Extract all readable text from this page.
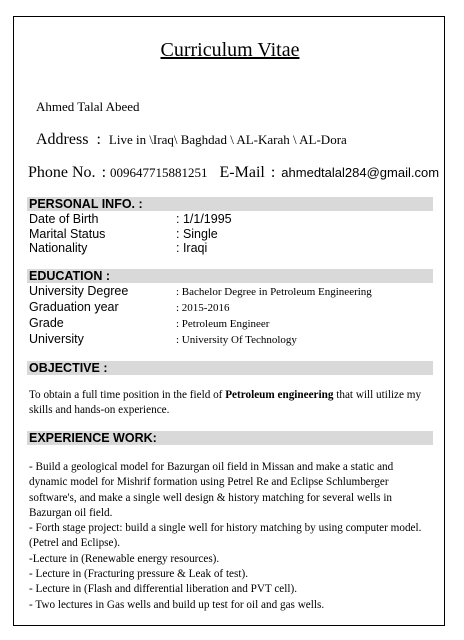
Curriculum Vitae
Ahmed Talal Abeed
Address : Live in \Iraq\ Baghdad \ AL-Karah \ AL-Dora
Phone No. : 009647715881251 E-Mail : ahmedtalal284@gmail.com
PERSONAL INFO. :
Date of Birth	: 1/1/1995
Marital Status	: Single
Nationality	: Iraqi
EDUCATION :
University Degree	: Bachelor Degree in Petroleum Engineering
Graduation year	: 2015-2016
Grade	: Petroleum Engineer
University	: University Of Technology
OBJECTIVE :

To obtain a full time position in the field of Petroleum engineering that will utilize my skills and hands-on experience.

EXPERIENCE WORK:

- Build a geological model for Bazurgan oil field in Missan and make a static and dynamic model for Mishrif formation using Petrel Re and Eclipse Schlumberger software's, and make a single well design & history matching for several wells in Bazurgan oil field.

- Forth stage project: build a single well for history matching by using computer model. (Petrel and Eclipse).

-Lecture in (Renewable energy resources).

- Lecture in (Fracturing pressure & Leak of test).

- Lecture in (Flash and differential liberation and PVT cell).

- Two lectures in Gas wells and build up test for oil and gas wells.
